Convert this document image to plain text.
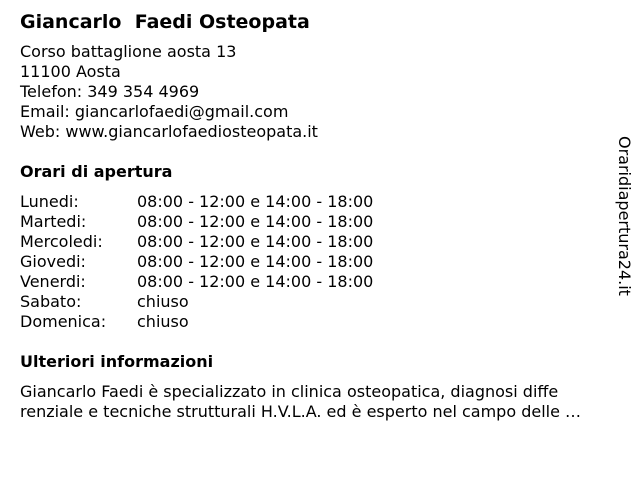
Giancarlo  Faedi Osteopata
Corso battaglione aosta 13
11100 Aosta
Telefon: 349 354 4969
Email: giancarlofaedi@gmail.com
Web: www.giancarlofaediosteopata.it
Orari di apertura
Lunedi:	08:00 - 12:00 e 14:00 - 18:00
Martedi:	08:00 - 12:00 e 14:00 - 18:00
Mercoledi:	08:00 - 12:00 e 14:00 - 18:00
Giovedi:	08:00 - 12:00 e 14:00 - 18:00
Venerdi:	08:00 - 12:00 e 14:00 - 18:00
Sabato:	chiuso
Domenica:	chiuso
Ulteriori informazioni
Giancarlo Faedi è specializzato in clinica osteopatica, diagnosi diffe
renziale e tecniche strutturali H.V.L.A. ed è esperto nel campo delle …
Oraridiapertura24.it
